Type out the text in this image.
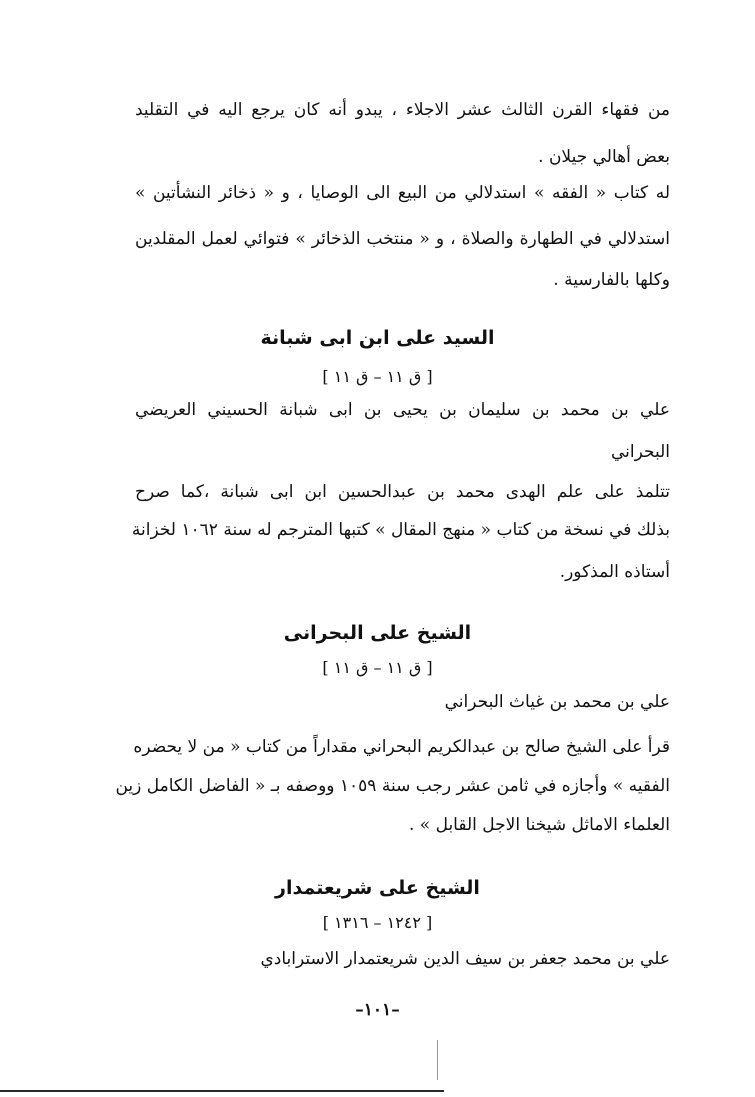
من فقهاء القرن الثالث عشر الاجلاء ، يبدو أنه كان يرجع اليه في التقليد
بعض أهالي جيلان .
له كتاب « الفقه » استدلالي من البيع الى الوصايا ، و « ذخائر النشأتين »
استدلالي في الطهارة والصلاة ، و « منتخب الذخائر » فتوائي لعمل المقلدين
وكلها بالفارسية .
السيد على ابن ابى شبانة
[ ق ١١ – ق ١١ ]
علي بن محمد بن سليمان بن يحيى بن ابى شبانة الحسيني العريضي
البحراني
تتلمذ على علم الهدى محمد بن عبدالحسين ابن ابى شبانة ،كما صرح
بذلك في نسخة من كتاب « منهج المقال » كتبها المترجم له سنة ١٠٦٢ لخزانة
أستاذه المذكور.
الشيخ على البحرانى
[ ق ١١ – ق ١١ ]
علي بن محمد بن غياث البحراني
قرأ على الشيخ صالح بن عبدالكريم البحراني مقداراً من كتاب « من لا يحضره
الفقيه » وأجازه في ثامن عشر رجب سنة ١٠٥٩ ووصفه بـ « الفاضل الكامل زين
العلماء الاماثل شيخنا الاجل القابل » .
الشيخ على شريعتمدار
[ ١٢٤٢ – ١٣١٦ ]
علي بن محمد جعفر بن سيف الدين شريعتمدار الاسترابادي
–١٠١–
